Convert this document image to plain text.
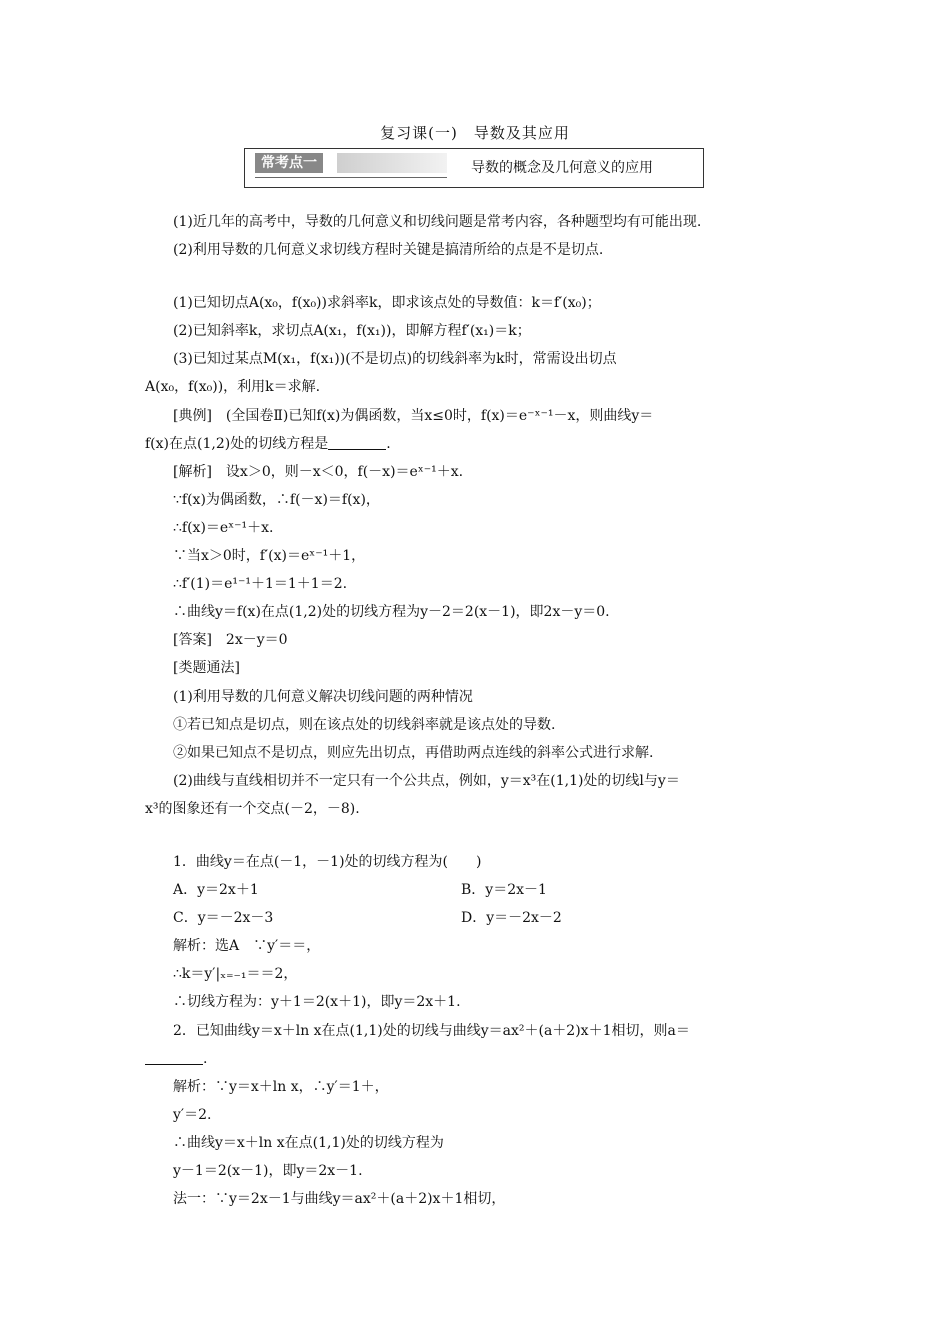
复习课(一)　导数及其应用
常考点一	导数的概念及几何意义的应用
(1)近几年的高考中，导数的几何意义和切线问题是常考内容，各种题型均有可能出现.
(2)利用导数的几何意义求切线方程时关键是搞清所给的点是不是切点.
(1)已知切点A(x₀，f(x₀))求斜率k，即求该点处的导数值：k＝f′(x₀)；
(2)已知斜率k，求切点A(x₁，f(x₁))，即解方程f′(x₁)＝k；
(3)已知过某点M(x₁，f(x₁))(不是切点)的切线斜率为k时，常需设出切点
A(x₀，f(x₀))，利用k＝求解.
[典例]　(全国卷Ⅱ)已知f(x)为偶函数，当x≤0时，f(x)＝e⁻ˣ⁻¹－x，则曲线y＝
f(x)在点(1,2)处的切线方程是	.
[解析]　设x＞0，则－x＜0，f(－x)＝eˣ⁻¹＋x.
∵f(x)为偶函数，∴f(－x)＝f(x)，
∴f(x)＝eˣ⁻¹＋x.
∵当x＞0时，f′(x)＝eˣ⁻¹＋1，
∴f′(1)＝e¹⁻¹＋1＝1＋1＝2.
∴曲线y＝f(x)在点(1,2)处的切线方程为y－2＝2(x－1)，即2x－y＝0.
[答案]　2x－y＝0
[类题通法]
(1)利用导数的几何意义解决切线问题的两种情况
①若已知点是切点，则在该点处的切线斜率就是该点处的导数.
②如果已知点不是切点，则应先出切点，再借助两点连线的斜率公式进行求解.
(2)曲线与直线相切并不一定只有一个公共点，例如，y＝x³在(1,1)处的切线l与y＝
x³的图象还有一个交点(－2，－8).
1．曲线y＝在点(－1，－1)处的切线方程为(　　)
A．y＝2x＋1	B．y＝2x－1
C．y＝－2x－3	D．y＝－2x－2
解析：选A　∵y′＝＝，
∴k＝y′|ₓ₌₋₁＝＝2，
∴切线方程为：y＋1＝2(x＋1)，即y＝2x＋1.
2．已知曲线y＝x＋ln x在点(1,1)处的切线与曲线y＝ax²＋(a＋2)x＋1相切，则a＝
.
解析：∵y＝x＋ln x，∴y′＝1＋，
y′＝2.
∴曲线y＝x＋ln x在点(1,1)处的切线方程为
y－1＝2(x－1)，即y＝2x－1.
法一：∵y＝2x－1与曲线y＝ax²＋(a＋2)x＋1相切，
